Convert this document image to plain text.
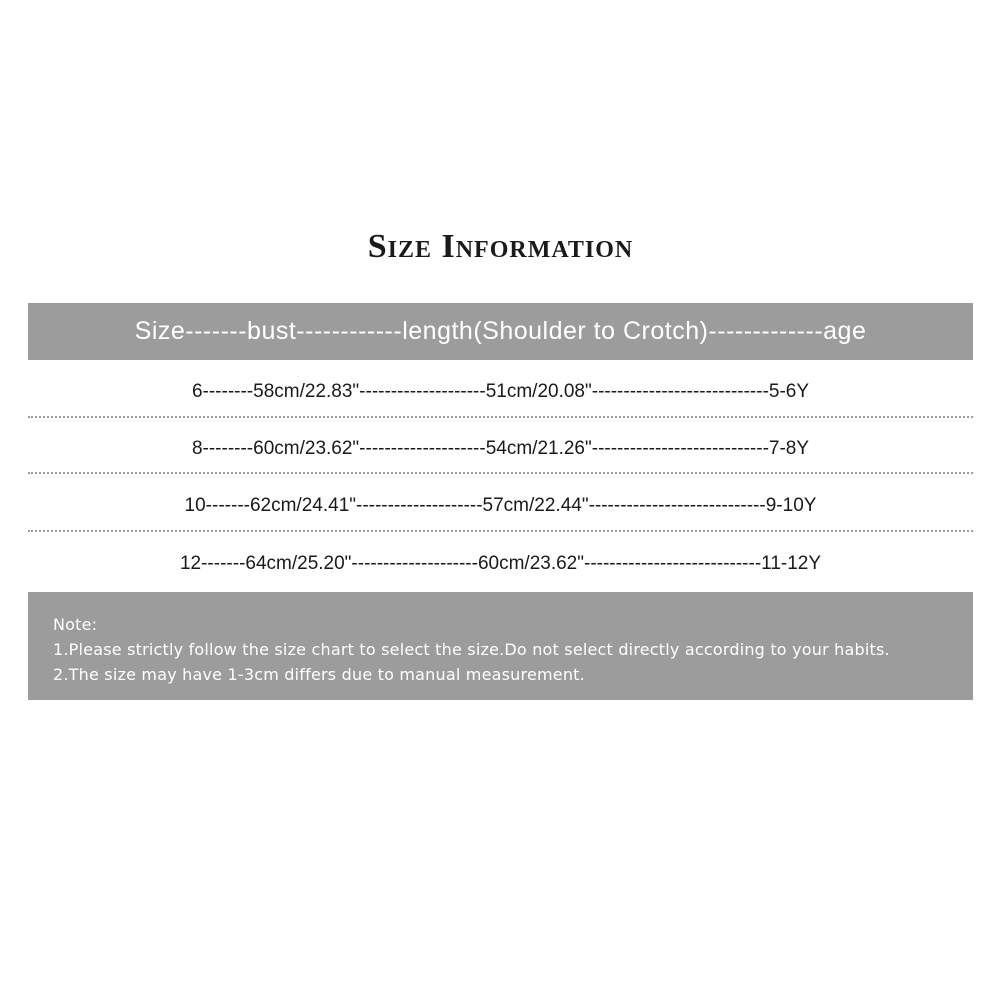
Size Information
Size-------bust------------length(Shoulder to Crotch)-------------age
6--------58cm/22.83"--------------------51cm/20.08"----------------------------5-6Y
8--------60cm/23.62"--------------------54cm/21.26"----------------------------7-8Y
10-------62cm/24.41"--------------------57cm/22.44"----------------------------9-10Y
12-------64cm/25.20"--------------------60cm/23.62"----------------------------11-12Y
Note:
1.Please strictly follow the size chart to select the size.Do not select directly according to your habits.
2.The size may have 1-3cm differs due to manual measurement.
